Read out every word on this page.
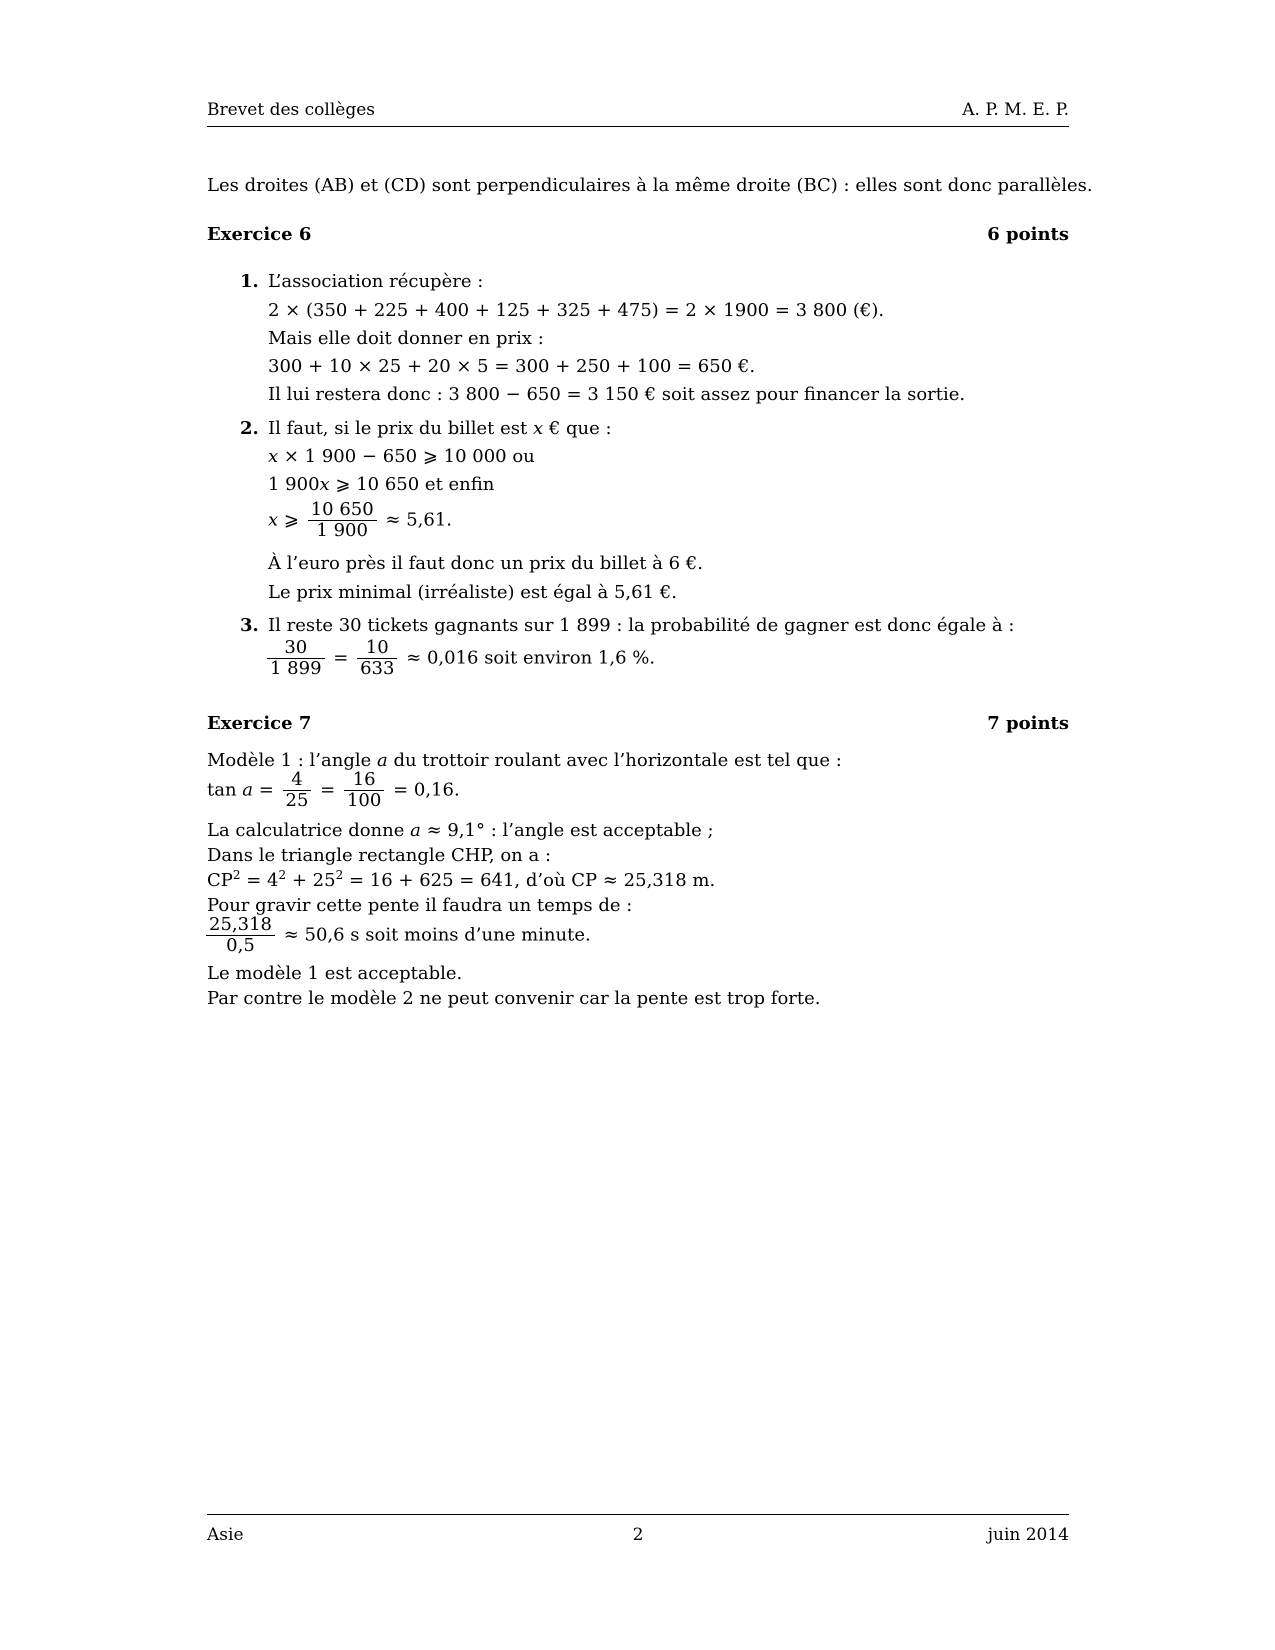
Brevet des collèges	A. P. M. E. P.
Les droites (AB) et (CD) sont perpendiculaires à la même droite (BC) : elles sont donc parallèles.
Exercice 6	6 points
1. L’association récupère :
2 × (350 + 225 + 400 + 125 + 325 + 475) = 2 × 1900 = 3 800 (€).
Mais elle doit donner en prix :
300 + 10 × 25 + 20 × 5 = 300 + 250 + 100 = 650 €.
Il lui restera donc : 3 800 − 650 = 3 150 € soit assez pour financer la sortie.
2. Il faut, si le prix du billet est x € que :
x × 1 900 − 650 ⩾ 10 000 ou
1 900x ⩾ 10 650 et enfin
x ⩾ $\frac{10 650}{1 900} \approx 5,61$.
À l’euro près il faut donc un prix du billet à 6 €.
Le prix minimal (irréaliste) est égal à 5,61 €.
3. Il reste 30 tickets gagnants sur 1 899 : la probabilité de gagner est donc égale à :
$\frac{30}{1 899} = \frac{10}{633} \approx 0,016$ soit environ 1,6 %.
Exercice 7	7 points
Modèle 1 : l’angle a du trottoir roulant avec l’horizontale est tel que :
$\tan a = \frac{4}{25} = \frac{16}{100} = 0,16$.
La calculatrice donne a ≈ 9,1° : l’angle est acceptable ;
Dans le triangle rectangle CHP, on a :
$CP^2 = 4^2 + 25^2 = 16 + 625 = 641$, d’où CP ≈ 25,318 m.
Pour gravir cette pente il faudra un temps de :
$\frac{25,318}{0,5} \approx 50,6$ s soit moins d’une minute.
Le modèle 1 est acceptable.
Par contre le modèle 2 ne peut convenir car la pente est trop forte.
Asie	2	juin 2014
